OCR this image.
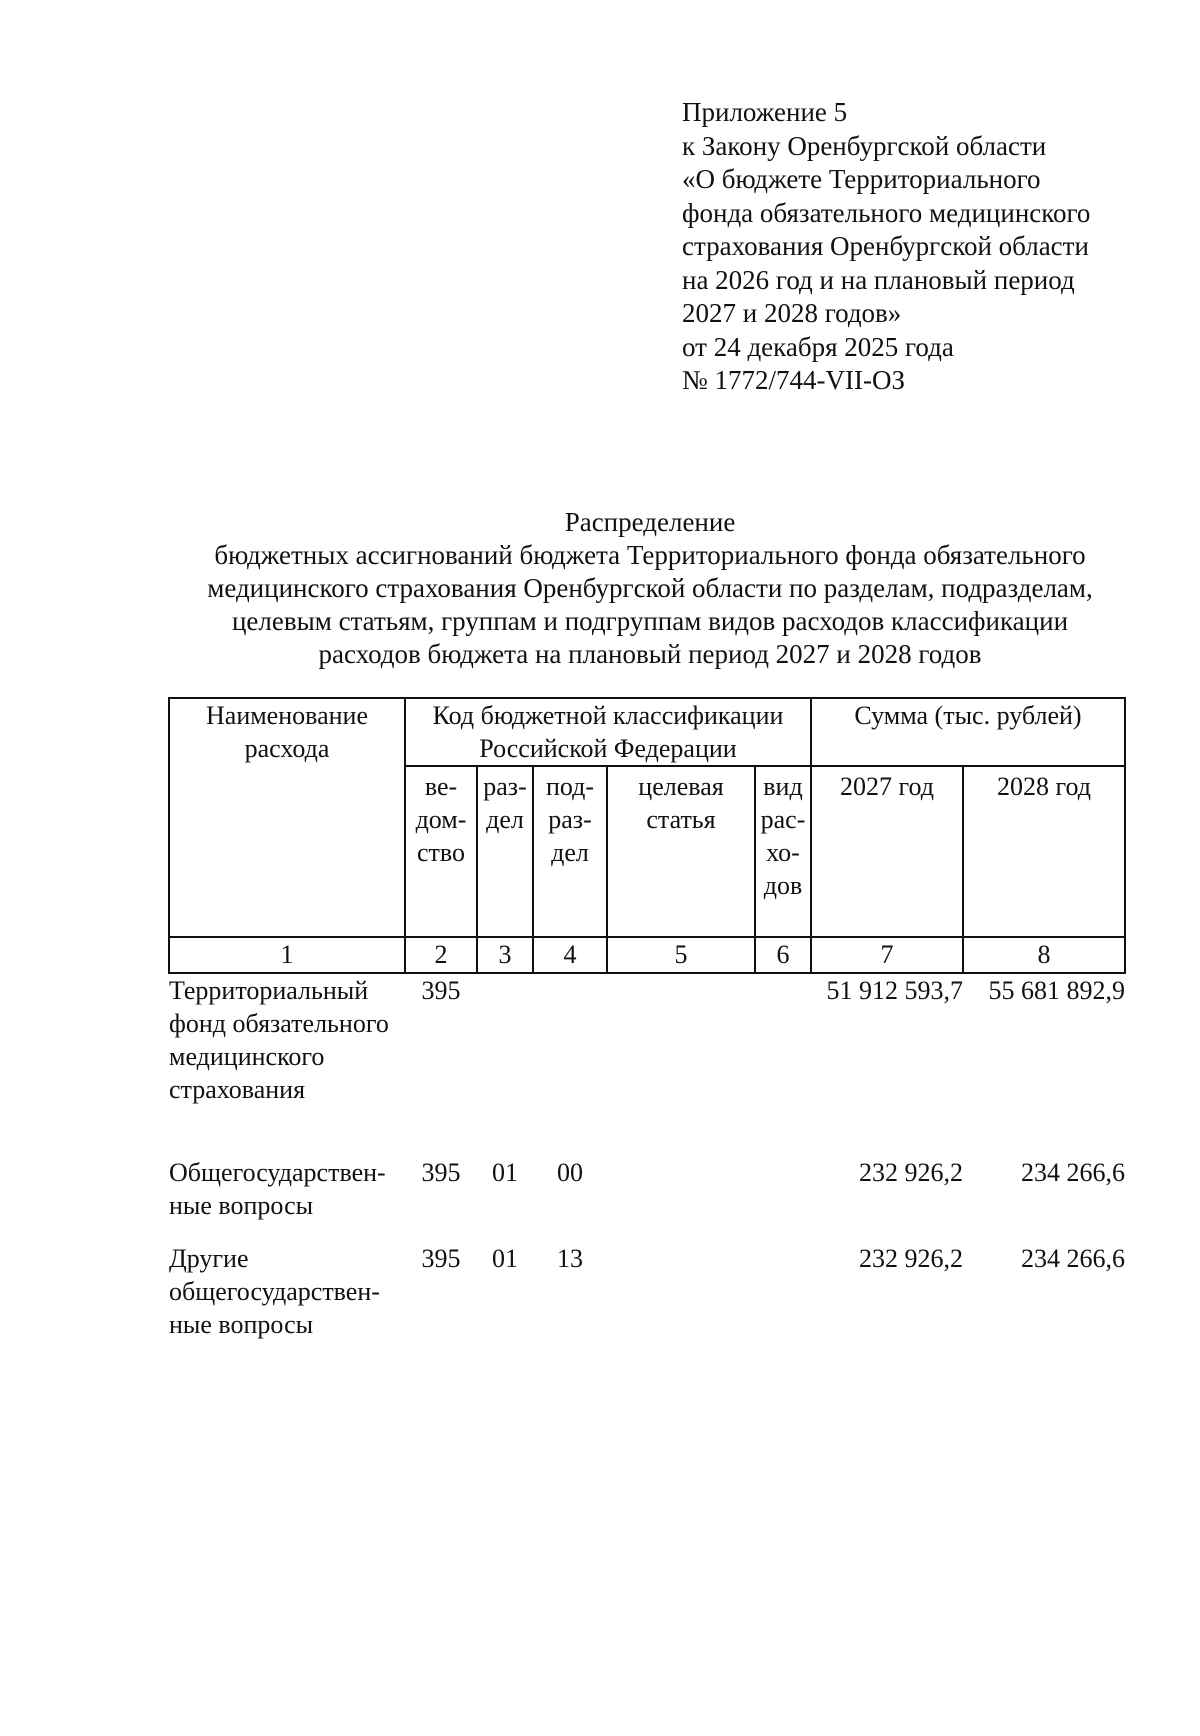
Приложение 5
к Закону Оренбургской области
«О бюджете Территориального
фонда обязательного медицинского
страхования Оренбургской области
на 2026 год и на плановый период
2027 и 2028 годов»
от 24 декабря 2025 года
№ 1772/744-VII-ОЗ
Распределение
бюджетных ассигнований бюджета Территориального фонда обязательного
медицинского страхования Оренбургской области по разделам, подразделам,
целевым статьям, группам и подгруппам видов расходов классификации
расходов бюджета на плановый период 2027 и 2028 годов
Наименование расхода	Код бюджетной классификации Российской Федерации					Сумма (тыс. рублей)	
	ве-дом-ство	раз-дел	под-раз-дел	целевая статья	вид рас-хо-дов	2027 год	2028 год
1	2	3	4	5	6	7	8
Территориальный фонд обязательного медицинского страхования	395					51 912 593,7	55 681 892,9
Общегосударствен-ные вопросы	395	01	00			232 926,2	234 266,6
Другие общегосударствен-ные вопросы	395	01	13			232 926,2	234 266,6
